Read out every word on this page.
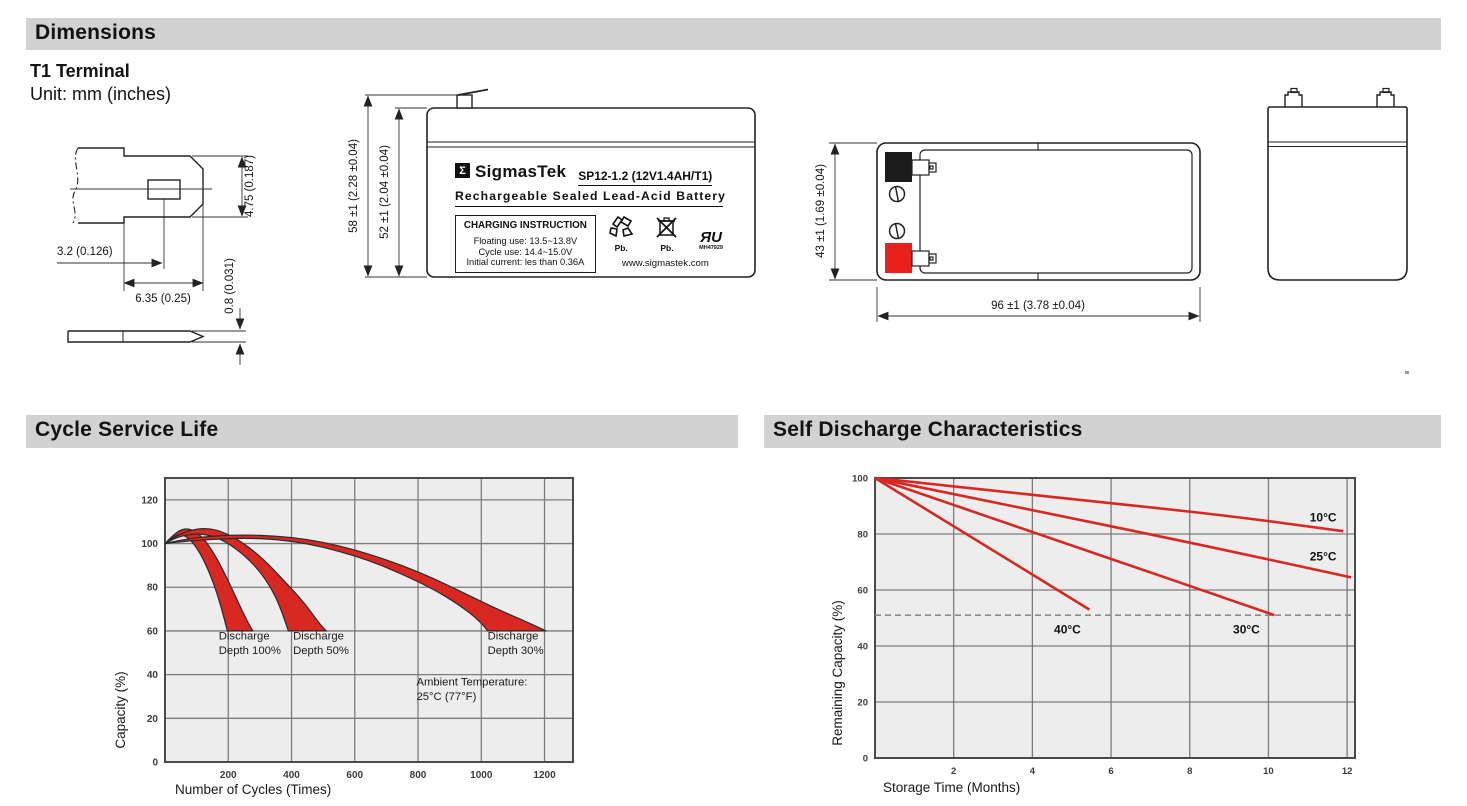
Dimensions
Cycle Service Life	Self Discharge Characteristics
T1 Terminal
Unit: mm (inches)
4.75 (0.187)
3.2 (0.126)
6.35 (0.25)	0.8 (0.031)
58 ±1 (2.28 ±0.04) 52 ±1 (2.04 ±0.04)	Σ SigmasTek SP12-1.2 (12V1.4AH/T1)
Rechargeable Sealed Lead-Acid Battery
CHARGING INSTRUCTION
Floating use: 13.5~13.8V
Cycle use: 14.4~15.0V
Initial current: les than 0.36A
Pb.	Pb.
ЯU
MH47929
www.sigmastek.com
43 ±1 (1.69 ±0.04)
96 ±1 (3.78 ±0.04)
0
20
40
60
80
100
120
200	400	600	800	1000	1200
Discharge Depth 100%
Discharge Depth 50%
Discharge Depth 30%
Ambient Temperature: 25°C (77°F)
Capacity (%)
Number of Cycles (Times)
0
20
40
60
80
100
2	4	6	8	10	12
10°C
25°C
30°C
40°C
Remaining Capacity (%)
Storage Time (Months)
